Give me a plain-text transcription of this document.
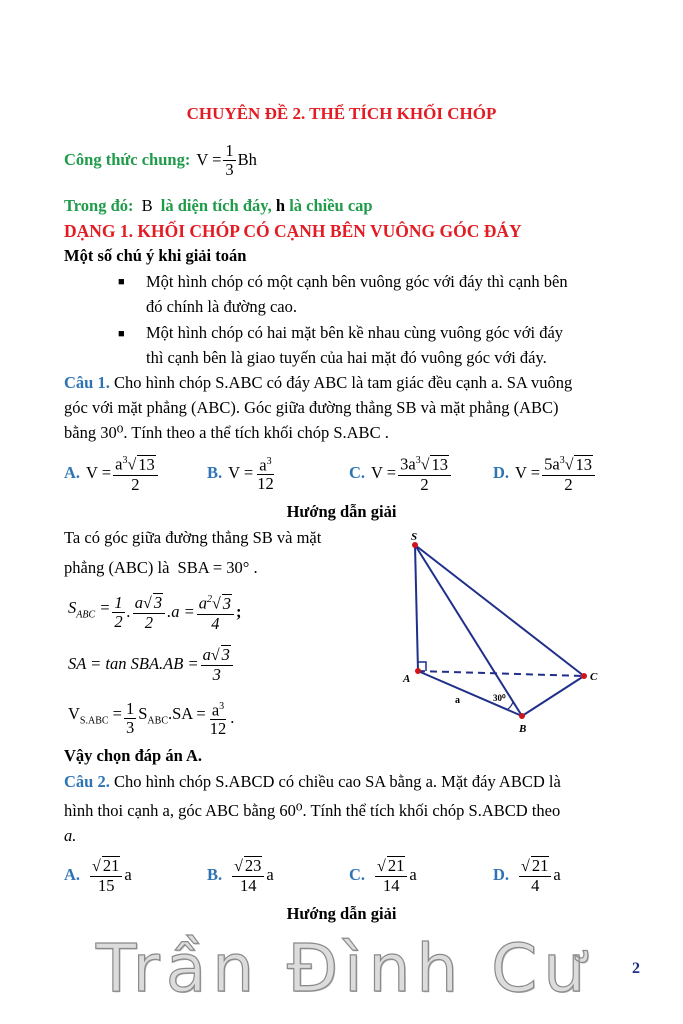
CHUYÊN ĐỀ 2. THỂ TÍCH KHỐI CHÓP
Công thức chung: $V = \frac{1}{3}$ Bh
Trong đó: B là diện tích đáy, h là chiều cap
DẠNG 1. KHỐI CHÓP CÓ CẠNH BÊN VUÔNG GÓC ĐÁY
Một số chú ý khi giải toán
■ Một hình chóp có một cạnh bên vuông góc với đáy thì cạnh bên
đó chính là đường cao.
■ Một hình chóp có hai mặt bên kề nhau cùng vuông góc với đáy
thì cạnh bên là giao tuyến của hai mặt đó vuông góc với đáy.
Câu 1. Cho hình chóp S.ABC có đáy ABC là tam giác đều cạnh a. SA vuông
góc với mặt phẳng (ABC). Góc giữa đường thẳng SB và mặt phẳng (ABC)
bằng 30⁰. Tính theo a thể tích khối chóp S.ABC .
A. $V = \frac{a^3√ 13}{2}$	B. $V = \frac{a^3}{12}$	C. $V = \frac{3a^3√ 13}{2}$	D. $V = \frac{5a^3√ 13}{2}$
Hướng dẫn giải
Ta có góc giữa đường thẳng SB và mặt
phẳng (ABC) là SBA = 30° .
$S_{ABC} = \frac{1}{2}$ . $\frac{a√ 3}{2} .a = \frac{a^2√ 3}{4}$ ;
SA = $\tan SBA.AB = \frac{a√ 3}{3}$
$V_{S.ABC} = \frac{1}{3} S_{ABC}.SA = \frac{a^3}{12}$ .
Vậy chọn đáp án A.
S
A
B
C
a	30⁰
Câu 2. Cho hình chóp S.ABCD có chiều cao SA bằng a. Mặt đáy ABCD là
hình thoi cạnh a, góc ABC bằng 60⁰. Tính thể tích khối chóp S.ABCD theo
a.
A. $\frac{√ 21}{15}$ a	B. $\frac{√ 23}{14}$ a	C. $\frac{√ 21}{14}$ a	D. $\frac{√ 21}{4}$ a
Hướng dẫn giải
Trần Đình Cư	2
